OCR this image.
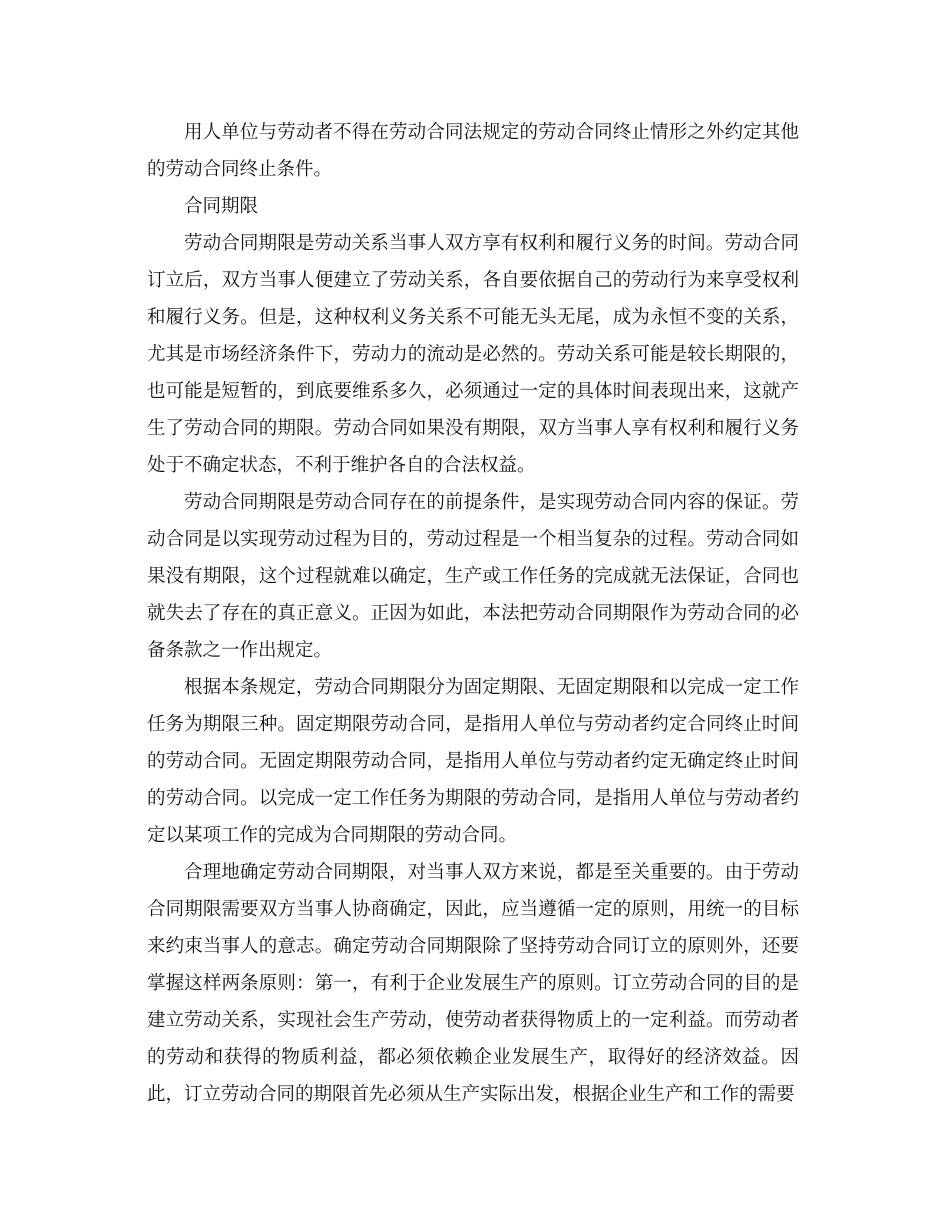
用人单位与劳动者不得在劳动合同法规定的劳动合同终止情形之外约定其他的劳动合同终止条件。

合同期限

劳动合同期限是劳动关系当事人双方享有权利和履行义务的时间。劳动合同订立后，双方当事人便建立了劳动关系，各自要依据自己的劳动行为来享受权利和履行义务。但是，这种权利义务关系不可能无头无尾，成为永恒不变的关系，尤其是市场经济条件下，劳动力的流动是必然的。劳动关系可能是较长期限的，也可能是短暂的，到底要维系多久，必须通过一定的具体时间表现出来，这就产生了劳动合同的期限。劳动合同如果没有期限，双方当事人享有权利和履行义务处于不确定状态，不利于维护各自的合法权益。

劳动合同期限是劳动合同存在的前提条件，是实现劳动合同内容的保证。劳动合同是以实现劳动过程为目的，劳动过程是一个相当复杂的过程。劳动合同如果没有期限，这个过程就难以确定，生产或工作任务的完成就无法保证，合同也就失去了存在的真正意义。正因为如此，本法把劳动合同期限作为劳动合同的必备条款之一作出规定。

根据本条规定，劳动合同期限分为固定期限、无固定期限和以完成一定工作任务为期限三种。固定期限劳动合同，是指用人单位与劳动者约定合同终止时间的劳动合同。无固定期限劳动合同，是指用人单位与劳动者约定无确定终止时间的劳动合同。以完成一定工作任务为期限的劳动合同，是指用人单位与劳动者约定以某项工作的完成为合同期限的劳动合同。

合理地确定劳动合同期限，对当事人双方来说，都是至关重要的。由于劳动合同期限需要双方当事人协商确定，因此，应当遵循一定的原则，用统一的目标来约束当事人的意志。确定劳动合同期限除了坚持劳动合同订立的原则外，还要掌握这样两条原则：第一，有利于企业发展生产的原则。订立劳动合同的目的是建立劳动关系，实现社会生产劳动，使劳动者获得物质上的一定利益。而劳动者的劳动和获得的物质利益，都必须依赖企业发展生产，取得好的经济效益。因此，订立劳动合同的期限首先必须从生产实际出发，根据企业生产和工作的需要
